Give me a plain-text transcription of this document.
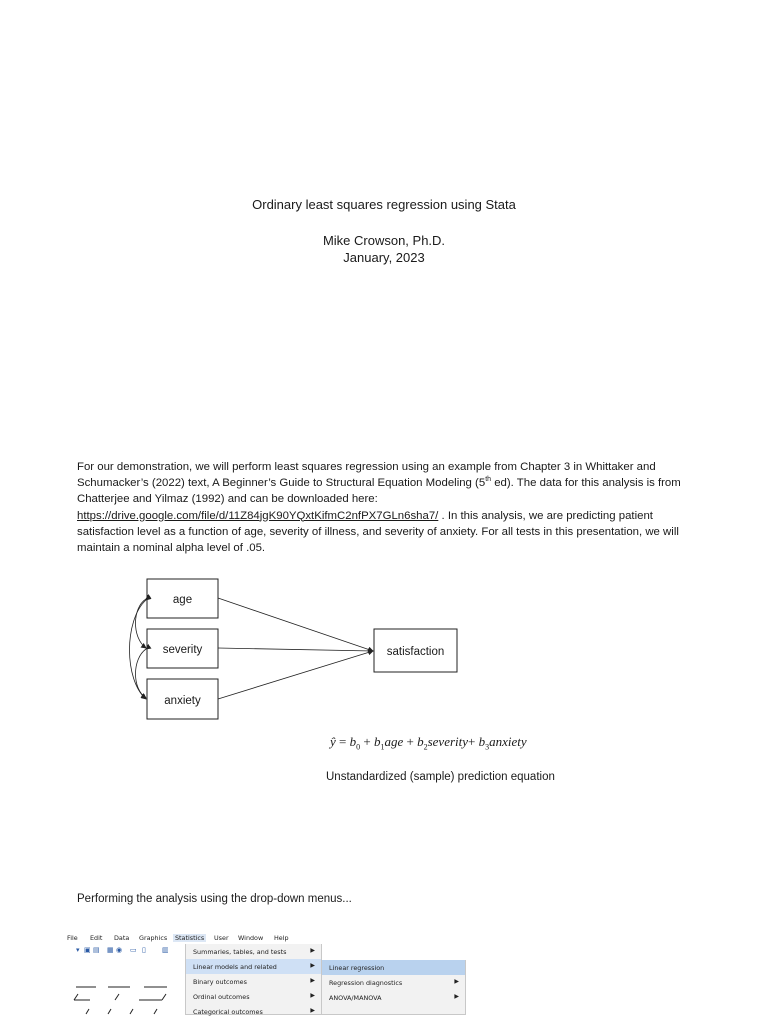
Ordinary least squares regression using Stata
Mike Crowson, Ph.D.
January, 2023
For our demonstration, we will perform least squares regression using an example from Chapter 3 in Whittaker and Schumacker’s (2022) text, A Beginner’s Guide to Structural Equation Modeling (5th ed). The data for this analysis is from Chatterjee and Yilmaz (1992) and can be downloaded here:
https://drive.google.com/file/d/11Z84jgK90YQxtKifmC2nfPX7GLn6sha7/ . In this analysis, we are predicting patient satisfaction level as a function of age, severity of illness, and severity of anxiety. For all tests in this presentation, we will maintain a nominal alpha level of .05.
age
severity
anxiety
satisfaction
ŷ = $b_0 + b_1age$ + $b_2severity+$ $b_3anxiety$
Unstandardized (sample) prediction equation
Performing the analysis using the drop-down menus...
File Edit Data Graphics	Statistics	User Window Help
▾ ▣ ▤ ▦ ◉ ▭ ▯ ▥	Summaries, tables, and tests	▶
Linear models and related	▶
Binary outcomes	▶
Ordinal outcomes	▶
Categorical outcomes	▶
Linear regression
Regression diagnostics	▶
ANOVA/MANOVA	▶
